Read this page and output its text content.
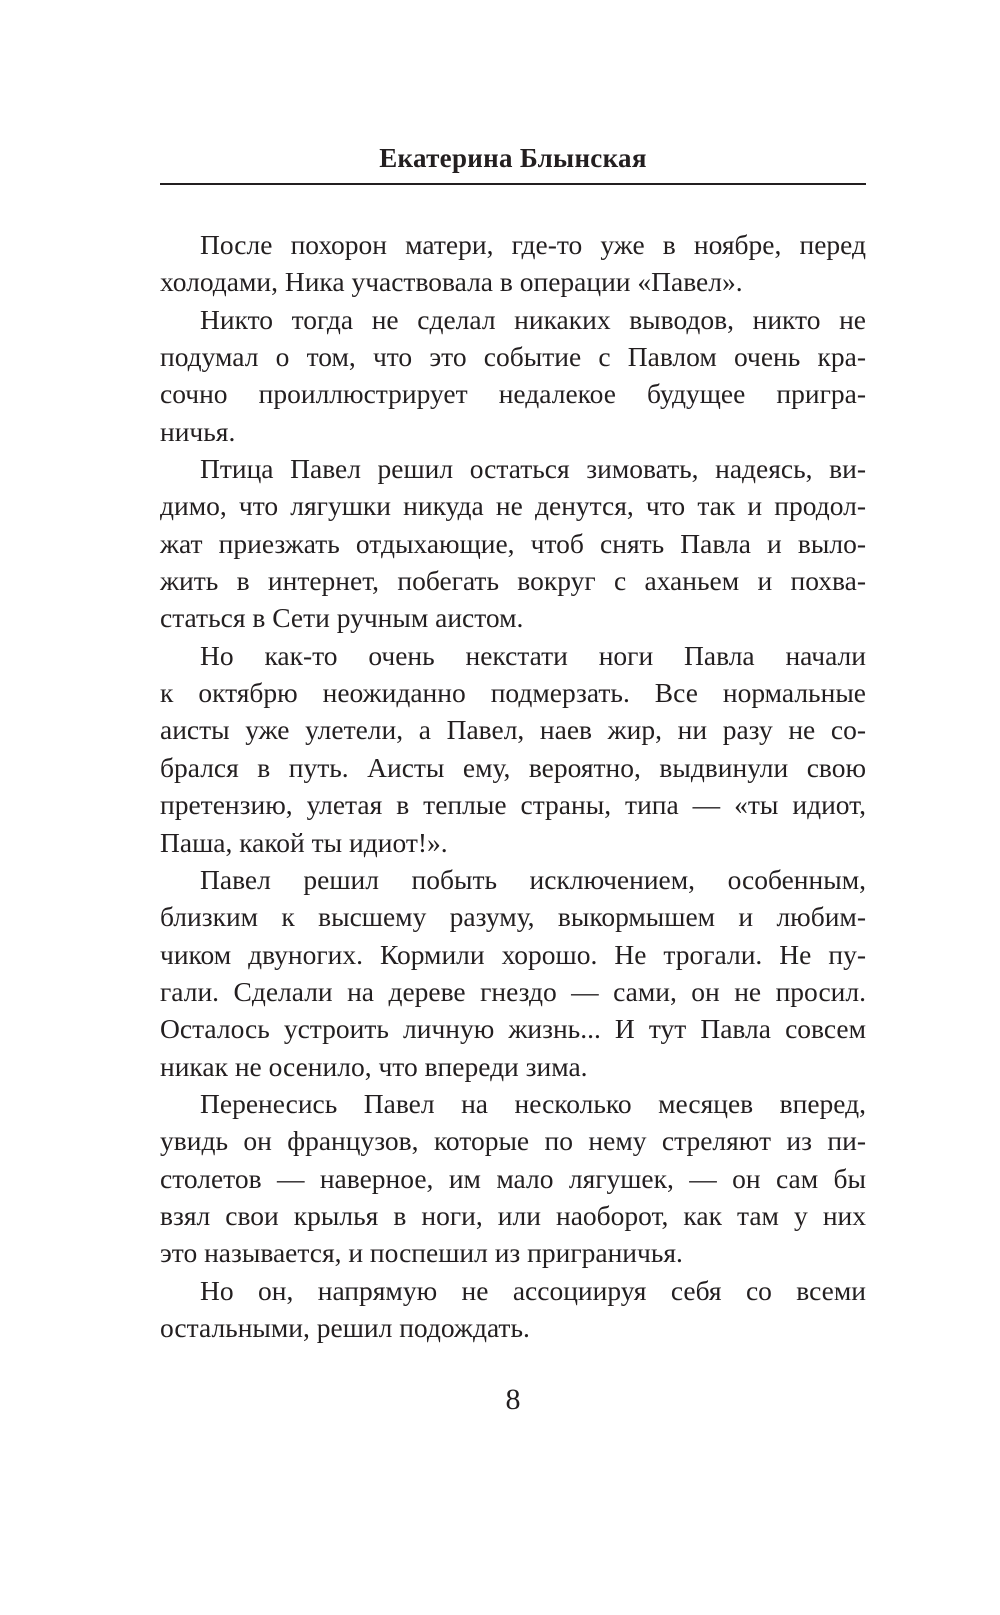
Екатерина Блынская
После похорон матери, где-то уже в ноябре, перед
холодами, Ника участвовала в операции «Павел».
Никто тогда не сделал никаких выводов, никто не
подумал о том, что это событие с Павлом очень кра-
сочно проиллюстрирует недалекое будущее пригра-
ничья.
Птица Павел решил остаться зимовать, надеясь, ви-
димо, что лягушки никуда не денутся, что так и продол-
жат приезжать отдыхающие, чтоб снять Павла и выло-
жить в интернет, побегать вокруг с аханьем и похва-
статься в Сети ручным аистом.
Но как-то очень некстати ноги Павла начали
к октябрю неожиданно подмерзать. Все нормальные
аисты уже улетели, а Павел, наев жир, ни разу не со-
брался в путь. Аисты ему, вероятно, выдвинули свою
претензию, улетая в теплые страны, типа — «ты идиот,
Паша, какой ты идиот!».
Павел решил побыть исключением, особенным,
близким к высшему разуму, выкормышем и любим-
чиком двуногих. Кормили хорошо. Не трогали. Не пу-
гали. Сделали на дереве гнездо — сами, он не просил.
Осталось устроить личную жизнь... И тут Павла совсем
никак не осенило, что впереди зима.
Перенесись Павел на несколько месяцев вперед,
увидь он французов, которые по нему стреляют из пи-
столетов — наверное, им мало лягушек, — он сам бы
взял свои крылья в ноги, или наоборот, как там у них
это называется, и поспешил из приграничья.
Но он, напрямую не ассоциируя себя со всеми
остальными, решил подождать.
8
